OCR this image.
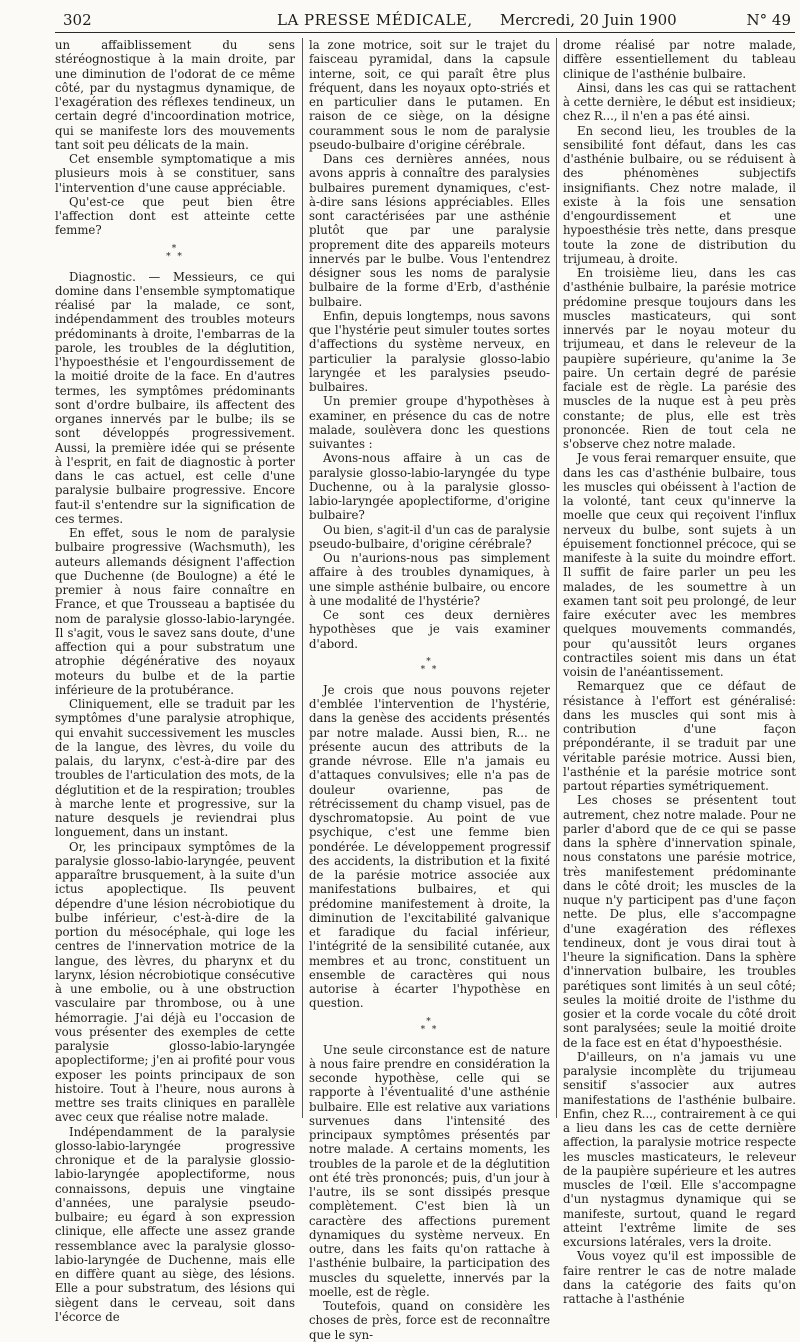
302	LA PRESSE MÉDICALE, Mercredi, 20 Juin 1900	N° 49

un affaiblissement du sens stéréognostique à la main droite, par une diminution de l'odorat de ce même côté, par du nystagmus dynamique, de l'exagération des réflexes tendineux, un certain degré d'incoordination motrice, qui se manifeste lors des mouvements tant soit peu délicats de la main.

Cet ensemble symptomatique a mis plusieurs mois à se constituer, sans l'intervention d'une cause appréciable.

Qu'est-ce que peut bien être l'affection dont est atteinte cette femme?

*
* *

Diagnostic. — Messieurs, ce qui domine dans l'ensemble symptomatique réalisé par la malade, ce sont, indépendamment des troubles moteurs prédominants à droite, l'embarras de la parole, les troubles de la déglutition, l'hypoesthésie et l'engourdissement de la moitié droite de la face. En d'autres termes, les symptômes prédominants sont d'ordre bulbaire, ils affectent des organes innervés par le bulbe; ils se sont développés progressivement. Aussi, la première idée qui se présente à l'esprit, en fait de diagnostic à porter dans le cas actuel, est celle d'une paralysie bulbaire progressive. Encore faut-il s'entendre sur la signification de ces termes.

En effet, sous le nom de paralysie bulbaire progressive (Wachsmuth), les auteurs allemands désignent l'affection que Duchenne (de Boulogne) a été le premier à nous faire connaître en France, et que Trousseau a baptisée du nom de paralysie glosso-labio-laryngée. Il s'agit, vous le savez sans doute, d'une affection qui a pour substratum une atrophie dégénérative des noyaux moteurs du bulbe et de la partie inférieure de la protubérance.

Cliniquement, elle se traduit par les symptômes d'une paralysie atrophique, qui envahit successivement les muscles de la langue, des lèvres, du voile du palais, du larynx, c'est-à-dire par des troubles de l'articulation des mots, de la déglutition et de la respiration; troubles à marche lente et progressive, sur la nature desquels je reviendrai plus longuement, dans un instant.

Or, les principaux symptômes de la paralysie glosso-labio-laryngée, peuvent apparaître brusquement, à la suite d'un ictus apoplectique. Ils peuvent dépendre d'une lésion nécrobiotique du bulbe inférieur, c'est-à-dire de la portion du mésocéphale, qui loge les centres de l'innervation motrice de la langue, des lèvres, du pharynx et du larynx, lésion nécrobiotique consécutive à une embolie, ou à une obstruction vasculaire par thrombose, ou à une hémorragie. J'ai déjà eu l'occasion de vous présenter des exemples de cette paralysie glosso-labio-laryngée apoplectiforme; j'en ai profité pour vous exposer les points principaux de son histoire. Tout à l'heure, nous aurons à mettre ses traits cliniques en parallèle avec ceux que réalise notre malade.

Indépendamment de la paralysie glosso-labio-laryngée progressive chronique et de la paralysie glossio-labio-laryngée apoplectiforme, nous connaissons, depuis une vingtaine d'années, une paralysie pseudo-bulbaire; eu égard à son expression clinique, elle affecte une assez grande ressemblance avec la paralysie glosso-labio-laryngée de Duchenne, mais elle en diffère quant au siège, des lésions. Elle a pour substratum, des lésions qui siègent dans le cerveau, soit dans l'écorce de

la zone motrice, soit sur le trajet du faisceau pyramidal, dans la capsule interne, soit, ce qui paraît être plus fréquent, dans les noyaux opto-striés et en particulier dans le putamen. En raison de ce siège, on la désigne couramment sous le nom de paralysie pseudo-bulbaire d'origine cérébrale.

Dans ces dernières années, nous avons appris à connaître des paralysies bulbaires purement dynamiques, c'est-à-dire sans lésions appréciables. Elles sont caractérisées par une asthénie plutôt que par une paralysie proprement dite des appareils moteurs innervés par le bulbe. Vous l'entendrez désigner sous les noms de paralysie bulbaire de la forme d'Erb, d'asthénie bulbaire.

Enfin, depuis longtemps, nous savons que l'hystérie peut simuler toutes sortes d'affections du système nerveux, en particulier la paralysie glosso-labio laryngée et les paralysies pseudo-bulbaires.

Un premier groupe d'hypothèses à examiner, en présence du cas de notre malade, soulèvera donc les questions suivantes :

Avons-nous affaire à un cas de paralysie glosso-labio-laryngée du type Duchenne, ou à la paralysie glosso-labio-laryngée apoplectiforme, d'origine bulbaire?

Ou bien, s'agit-il d'un cas de paralysie pseudo-bulbaire, d'origine cérébrale?

Ou n'aurions-nous pas simplement affaire à des troubles dynamiques, à une simple asthénie bulbaire, ou encore à une modalité de l'hystérie?

Ce sont ces deux dernières hypothèses que je vais examiner d'abord.

*
* *

Je crois que nous pouvons rejeter d'emblée l'intervention de l'hystérie, dans la genèse des accidents présentés par notre malade. Aussi bien, R... ne présente aucun des attributs de la grande névrose. Elle n'a jamais eu d'attaques convulsives; elle n'a pas de douleur ovarienne, pas de rétrécissement du champ visuel, pas de dyschromatopsie. Au point de vue psychique, c'est une femme bien pondérée. Le développement progressif des accidents, la distribution et la fixité de la parésie motrice associée aux manifestations bulbaires, et qui prédomine manifestement à droite, la diminution de l'excitabilité galvanique et faradique du facial inférieur, l'intégrité de la sensibilité cutanée, aux membres et au tronc, constituent un ensemble de caractères qui nous autorise à écarter l'hypothèse en question.

*
* *

Une seule circonstance est de nature à nous faire prendre en considération la seconde hypothèse, celle qui se rapporte à l'éventualité d'une asthénie bulbaire. Elle est relative aux variations survenues dans l'intensité des principaux symptômes présentés par notre malade. A certains moments, les troubles de la parole et de la déglutition ont été très prononcés; puis, d'un jour à l'autre, ils se sont dissipés presque complètement. C'est bien là un caractère des affections purement dynamiques du système nerveux. En outre, dans les faits qu'on rattache à l'asthénie bulbaire, la participation des muscles du squelette, innervés par la moelle, est de règle.

Toutefois, quand on considère les choses de près, force est de reconnaître que le syn-

drome réalisé par notre malade, diffère essentiellement du tableau clinique de l'asthénie bulbaire.

Ainsi, dans les cas qui se rattachent à cette dernière, le début est insidieux; chez R..., il n'en a pas été ainsi.

En second lieu, les troubles de la sensibilité font défaut, dans les cas d'asthénie bulbaire, ou se réduisent à des phénomènes subjectifs insignifiants. Chez notre malade, il existe à la fois une sensation d'engourdissement et une hypoesthésie très nette, dans presque toute la zone de distribution du trijumeau, à droite.

En troisième lieu, dans les cas d'asthénie bulbaire, la parésie motrice prédomine presque toujours dans les muscles masticateurs, qui sont innervés par le noyau moteur du trijumeau, et dans le releveur de la paupière supérieure, qu'anime la 3e paire. Un certain degré de parésie faciale est de règle. La parésie des muscles de la nuque est à peu près constante; de plus, elle est très prononcée. Rien de tout cela ne s'observe chez notre malade.

Je vous ferai remarquer ensuite, que dans les cas d'asthénie bulbaire, tous les muscles qui obéissent à l'action de la volonté, tant ceux qu'innerve la moelle que ceux qui reçoivent l'influx nerveux du bulbe, sont sujets à un épuisement fonctionnel précoce, qui se manifeste à la suite du moindre effort. Il suffit de faire parler un peu les malades, de les soumettre à un examen tant soit peu prolongé, de leur faire exécuter avec les membres quelques mouvements commandés, pour qu'aussitôt leurs organes contractiles soient mis dans un état voisin de l'anéantissement.

Remarquez que ce défaut de résistance à l'effort est généralisé: dans les muscles qui sont mis à contribution d'une façon prépondérante, il se traduit par une véritable parésie motrice. Aussi bien, l'asthénie et la parésie motrice sont partout réparties symétriquement.

Les choses se présentent tout autrement, chez notre malade. Pour ne parler d'abord que de ce qui se passe dans la sphère d'innervation spinale, nous constatons une parésie motrice, très manifestement prédominante dans le côté droit; les muscles de la nuque n'y participent pas d'une façon nette. De plus, elle s'accompagne d'une exagération des réflexes tendineux, dont je vous dirai tout à l'heure la signification. Dans la sphère d'innervation bulbaire, les troubles parétiques sont limités à un seul côté; seules la moitié droite de l'isthme du gosier et la corde vocale du côté droit sont paralysées; seule la moitié droite de la face est en état d'hypoesthésie.

D'ailleurs, on n'a jamais vu une paralysie incomplète du trijumeau sensitif s'associer aux autres manifestations de l'asthénie bulbaire. Enfin, chez R..., contrairement à ce qui a lieu dans les cas de cette dernière affection, la paralysie motrice respecte les muscles masticateurs, le releveur de la paupière supérieure et les autres muscles de l'œil. Elle s'accompagne d'un nystagmus dynamique qui se manifeste, surtout, quand le regard atteint l'extrême limite de ses excursions latérales, vers la droite.

Vous voyez qu'il est impossible de faire rentrer le cas de notre malade dans la catégorie des faits qu'on rattache à l'asthénie
